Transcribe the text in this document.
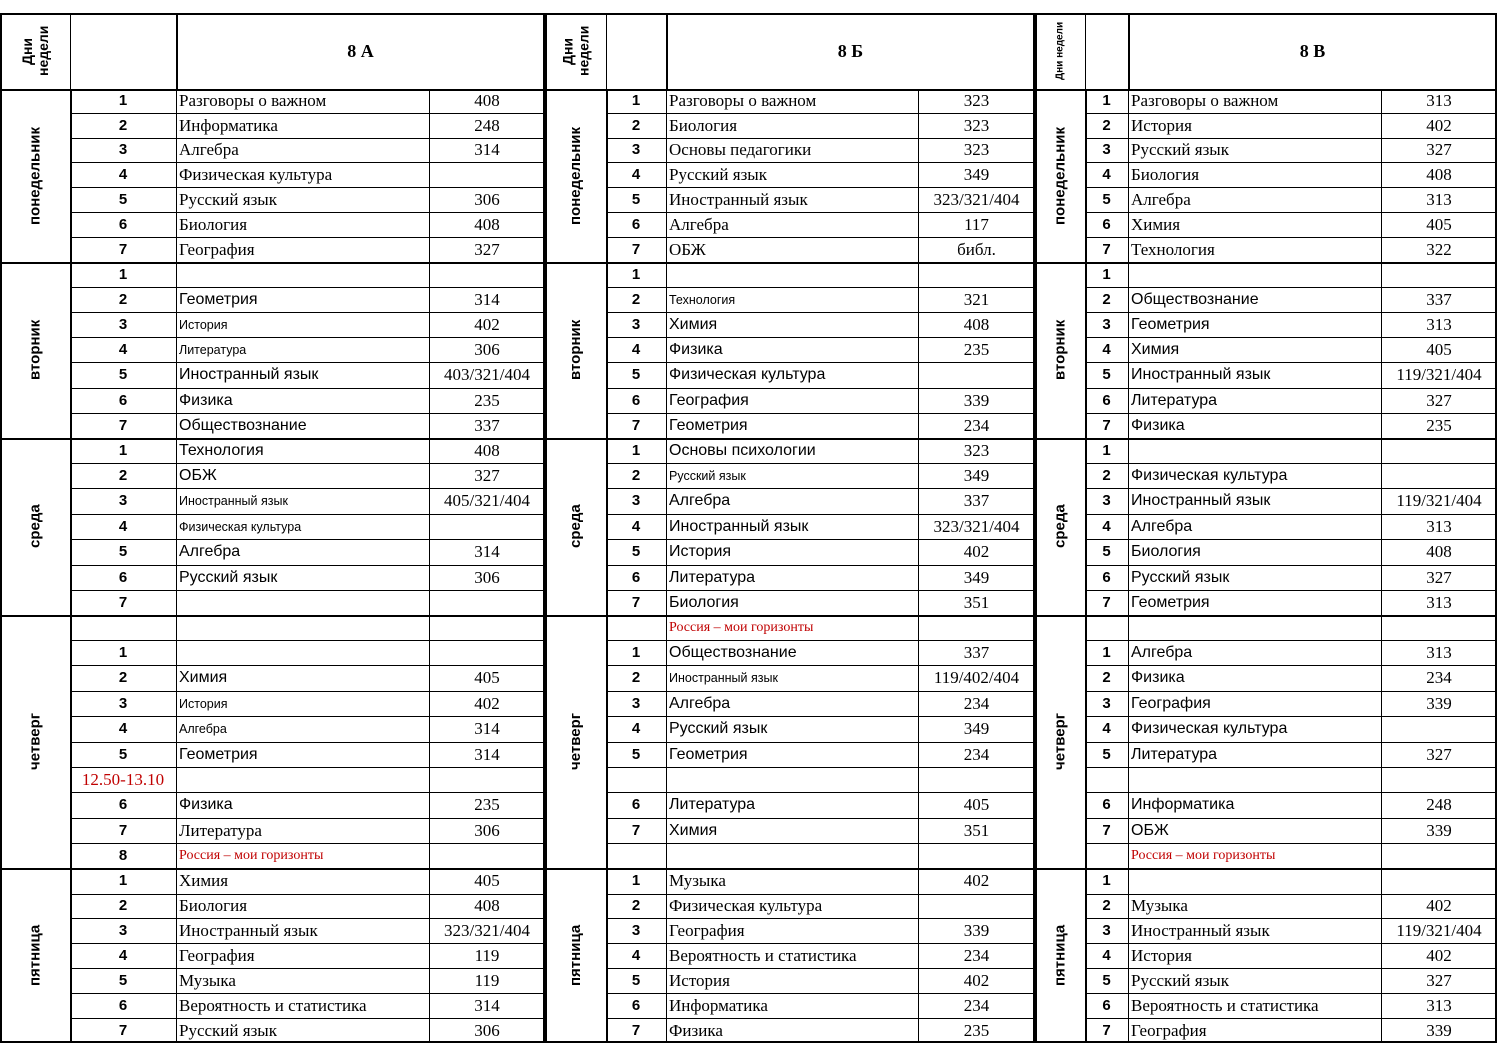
Дни недели	8 А
понедельник
1	Разговоры о важном	408
2	Информатика	248
3	Алгебра	314
4	Физическая культура
5	Русский язык	306
6	Биология	408
7	География	327
вторник
1
2	Геометрия	314
3	История	402
4	Литература	306
5	Иностранный язык	403/321/404
6	Физика	235
7	Обществознание	337
среда
1	Технология	408
2	ОБЖ	327
3	Иностранный язык	405/321/404
4	Физическая культура
5	Алгебра	314
6	Русский язык	306
7
четверг
1
2	Химия	405
3	История	402
4	Алгебра	314
5	Геометрия	314
12.50-13.10
6	Физика	235
7	Литература	306
8	Россия – мои горизонты
пятница
1	Химия	405
2	Биология	408
3	Иностранный язык	323/321/404
4	География	119
5	Музыка	119
6	Вероятность и статистика	314
7	Русский язык	306
Дни недели	8 Б
понедельник
1	Разговоры о важном	323
2	Биология	323
3	Основы педагогики	323
4	Русский язык	349
5	Иностранный язык	323/321/404
6	Алгебра	117
7	ОБЖ	библ.
вторник
1
2	Технология	321
3	Химия	408
4	Физика	235
5	Физическая культура
6	География	339
7	Геометрия	234
среда
1	Основы психологии	323
2	Русский язык	349
3	Алгебра	337
4	Иностранный язык	323/321/404
5	История	402
6	Литература	349
7	Биология	351
четверг
Россия – мои горизонты
1	Обществознание	337
2	Иностранный язык	119/402/404
3	Алгебра	234
4	Русский язык	349
5	Геометрия	234
6	Литература	405
7	Химия	351
пятница
1	Музыка	402
2	Физическая культура
3	География	339
4	Вероятность и статистика	234
5	История	402
6	Информатика	234
7	Физика	235
Дни недели	8 В
понедельник
1	Разговоры о важном	313
2	История	402
3	Русский язык	327
4	Биология	408
5	Алгебра	313
6	Химия	405
7	Технология	322
вторник
1
2	Обществознание	337
3	Геометрия	313
4	Химия	405
5	Иностранный язык	119/321/404
6	Литература	327
7	Физика	235
среда
1
2	Физическая культура
3	Иностранный язык	119/321/404
4	Алгебра	313
5	Биология	408
6	Русский язык	327
7	Геометрия	313
четверг
1	Алгебра	313
2	Физика	234
3	География	339
4	Физическая культура
5	Литература	327
6	Информатика	248
7	ОБЖ	339
Россия – мои горизонты
пятница
1
2	Музыка	402
3	Иностранный язык	119/321/404
4	История	402
5	Русский язык	327
6	Вероятность и статистика	313
7	География	339
